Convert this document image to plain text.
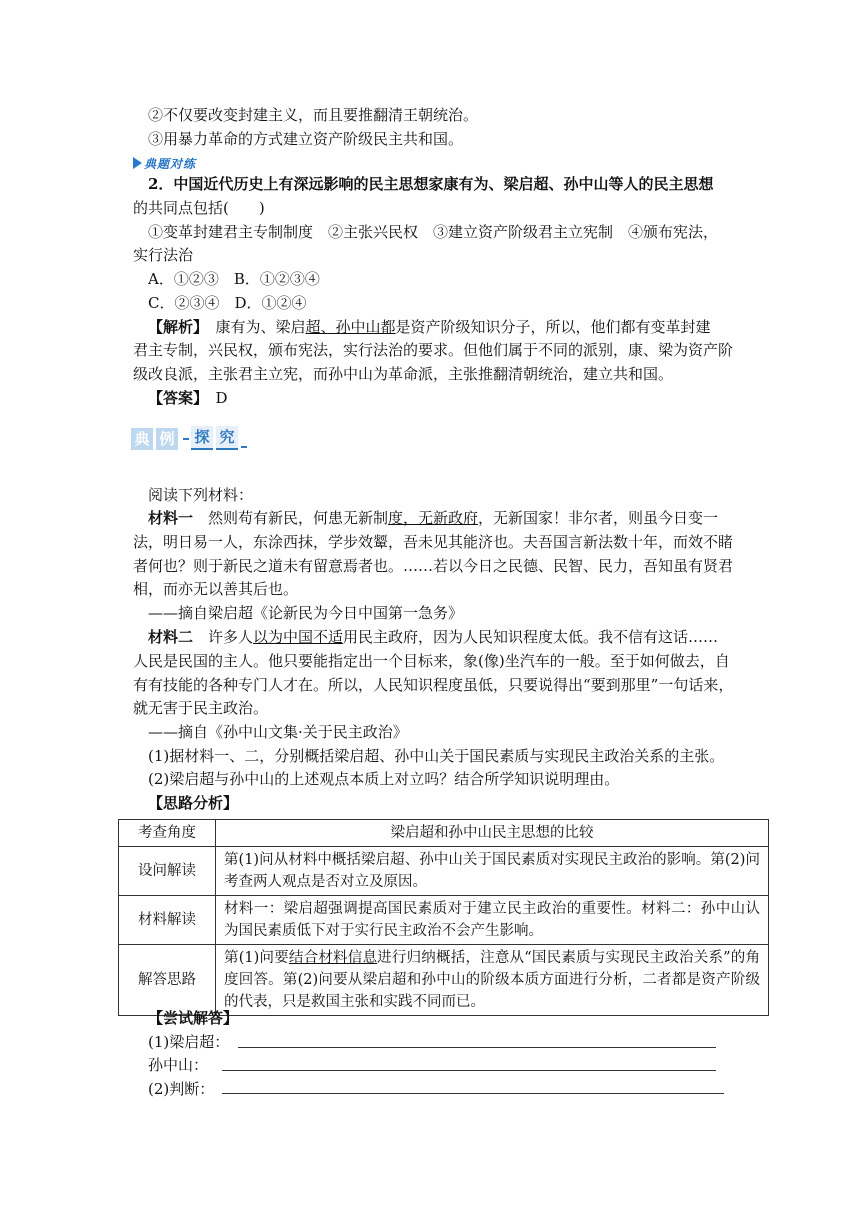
②不仅要改变封建主义，而且要推翻清王朝统治。
③用暴力革命的方式建立资产阶级民主共和国。
典题对练
2．中国近代历史上有深远影响的民主思想家康有为、梁启超、孙中山等人的民主思想
的共同点包括(　　)
①变革封建君主专制制度　②主张兴民权　③建立资产阶级君主立宪制　④颁布宪法，
实行法治
A．①②③　B．①②③④
C．②③④　D．①②④
【解析】　康有为、梁启超、孙中山都是资产阶级知识分子，所以，他们都有变革封建
君主专制，兴民权，颁布宪法，实行法治的要求。但他们属于不同的派别，康、梁为资产阶
级改良派，主张君主立宪，而孙中山为革命派，主张推翻清朝统治，建立共和国。
【答案】　D
典 例 探 究
阅读下列材料：
材料一　然则苟有新民，何患无新制度，无新政府，无新国家！非尔者，则虽今日变一
法，明日易一人，东涂西抹，学步效颦，吾未见其能济也。夫吾国言新法数十年，而效不睹
者何也？则于新民之道未有留意焉者也。……若以今日之民德、民智、民力，吾知虽有贤君
相，而亦无以善其后也。
——摘自梁启超《论新民为今日中国第一急务》
材料二　许多人以为中国不适用民主政府，因为人民知识程度太低。我不信有这话……
人民是民国的主人。他只要能指定出一个目标来，象(像)坐汽车的一般。至于如何做去，自
有有技能的各种专门人才在。所以，人民知识程度虽低，只要说得出“要到那里”一句话来，
就无害于民主政治。
——摘自《孙中山文集·关于民主政治》
(1)据材料一、二，分别概括梁启超、孙中山关于国民素质与实现民主政治关系的主张。
(2)梁启超与孙中山的上述观点本质上对立吗？结合所学知识说明理由。
【思路分析】
考查角度	梁启超和孙中山民主思想的比较
设问解读	第(1)问从材料中概括梁启超、孙中山关于国民素质对实现民主政治的影响。第(2)问考查两人观点是否对立及原因。
材料解读	材料一：梁启超强调提高国民素质对于建立民主政治的重要性。材料二：孙中山认为国民素质低下对于实行民主政治不会产生影响。
解答思路	第(1)问要结合材料信息进行归纳概括，注意从“国民素质与实现民主政治关系”的角度回答。第(2)问要从梁启超和孙中山的阶级本质方面进行分析，二者都是资产阶级的代表，只是救国主张和实践不同而已。
【尝试解答】
(1)梁启超：
孙中山：
(2)判断：
